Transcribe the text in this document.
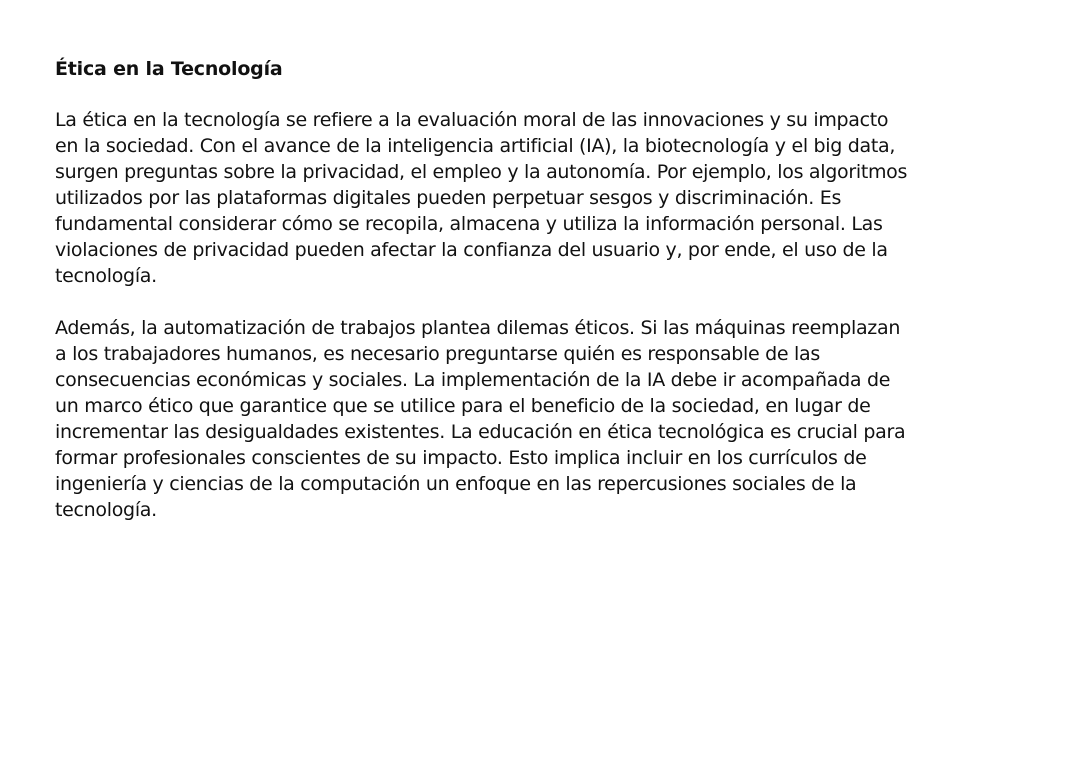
Ética en la Tecnología

La ética en la tecnología se refiere a la evaluación moral de las innovaciones y su impacto
en la sociedad. Con el avance de la inteligencia artificial (IA), la biotecnología y el big data,
surgen preguntas sobre la privacidad, el empleo y la autonomía. Por ejemplo, los algoritmos
utilizados por las plataformas digitales pueden perpetuar sesgos y discriminación. Es
fundamental considerar cómo se recopila, almacena y utiliza la información personal. Las
violaciones de privacidad pueden afectar la confianza del usuario y, por ende, el uso de la
tecnología.

Además, la automatización de trabajos plantea dilemas éticos. Si las máquinas reemplazan
a los trabajadores humanos, es necesario preguntarse quién es responsable de las
consecuencias económicas y sociales. La implementación de la IA debe ir acompañada de
un marco ético que garantice que se utilice para el beneficio de la sociedad, en lugar de
incrementar las desigualdades existentes. La educación en ética tecnológica es crucial para
formar profesionales conscientes de su impacto. Esto implica incluir en los currículos de
ingeniería y ciencias de la computación un enfoque en las repercusiones sociales de la
tecnología.
